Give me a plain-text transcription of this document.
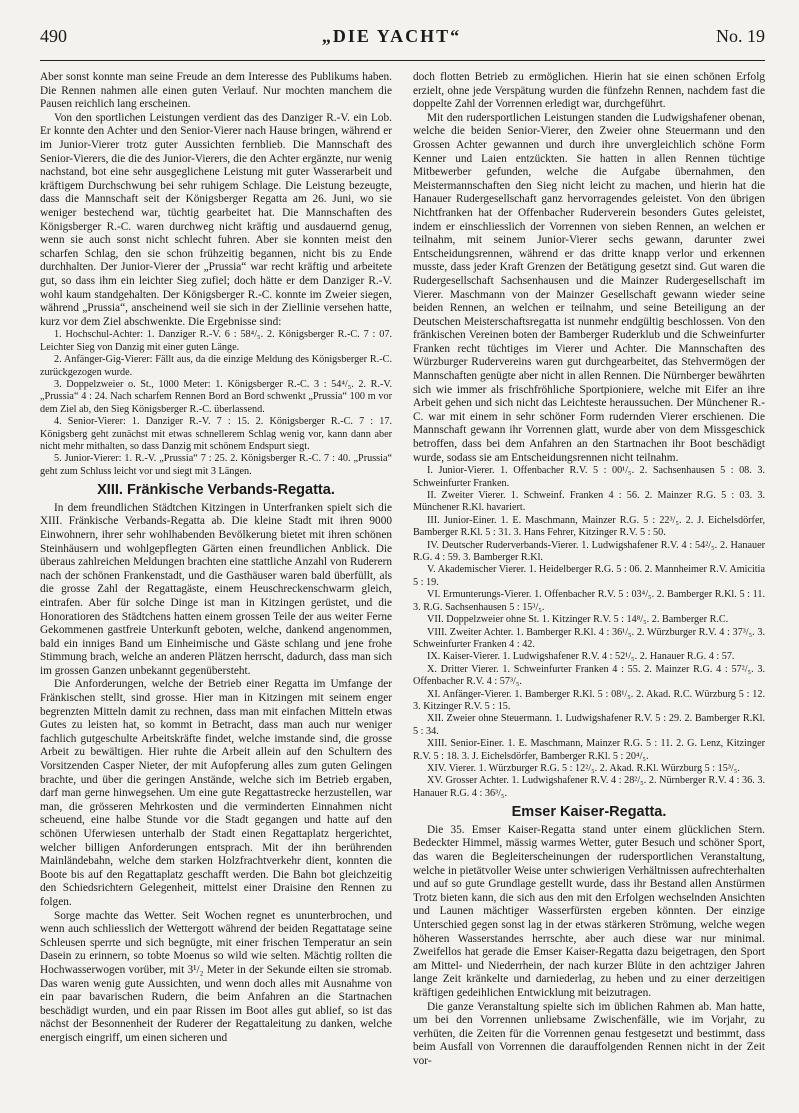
490	„DIE YACHT“	No. 19

Aber sonst konnte man seine Freude an dem Interesse des Publikums haben. Die Rennen nahmen alle einen guten Verlauf. Nur mochten manchem die Pausen reichlich lang erscheinen.

Von den sportlichen Leistungen verdient das des Danziger R.-V. ein Lob. Er konnte den Achter und den Senior-Vierer nach Hause bringen, während er im Junior-Vierer trotz guter Aussichten fernblieb. Die Mannschaft des Senior-Vierers, die die des Junior-Vierers, die den Achter ergänzte, nur wenig nachstand, bot eine sehr ausgeglichene Leistung mit guter Wasserarbeit und kräftigem Durchschwung bei sehr ruhigem Schlage. Die Leistung bezeugte, dass die Mannschaft seit der Königsberger Regatta am 26. Juni, wo sie weniger bestechend war, tüchtig gearbeitet hat. Die Mannschaften des Königsberger R.-C. waren durchweg nicht kräftig und ausdauernd genug, wenn sie auch sonst nicht schlecht fuhren. Aber sie konnten meist den scharfen Schlag, den sie schon frühzeitig begannen, nicht bis zu Ende durchhalten. Der Junior-Vierer der „Prussia“ war recht kräftig und arbeitete gut, so dass ihm ein leichter Sieg zufiel; doch hätte er dem Danziger R.-V. wohl kaum standgehalten. Der Königsberger R.-C. konnte im Zweier siegen, während „Prussia“, anscheinend weil sie sich in der Ziellinie versehen hatte, kurz vor dem Ziel abschwenkte. Die Ergebnisse sind:

1. Hochschul-Achter: 1. Danziger R.-V. 6 : 58⁴/₅. 2. Königsberger R.-C. 7 : 07. Leichter Sieg von Danzig mit einer guten Länge.

2. Anfänger-Gig-Vierer: Fällt aus, da die einzige Meldung des Königsberger R.-C. zurückgezogen wurde.

3. Doppelzweier o. St., 1000 Meter: 1. Königsberger R.-C. 3 : 54⁴/₅. 2. R.-V. „Prussia“ 4 : 24. Nach scharfem Rennen Bord an Bord schwenkt „Prussia“ 100 m vor dem Ziel ab, den Sieg Königsberger R.-C. überlassend.

4. Senior-Vierer: 1. Danziger R.-V. 7 : 15. 2. Königsberger R.-C. 7 : 17. Königsberg geht zunächst mit etwas schnellerem Schlag wenig vor, kann dann aber nicht mehr mithalten, so dass Danzig mit schönem Endspurt siegt.

5. Junior-Vierer: 1. R.-V. „Prussia“ 7 : 25. 2. Königsberger R.-C. 7 : 40. „Prussia“ geht zum Schluss leicht vor und siegt mit 3 Längen.

XIII. Fränkische Verbands-Regatta.

In dem freundlichen Städtchen Kitzingen in Unterfranken spielt sich die XIII. Fränkische Verbands-Regatta ab. Die kleine Stadt mit ihren 9000 Einwohnern, ihrer sehr wohlhabenden Bevölkerung bietet mit ihren schönen Steinhäusern und wohlgepflegten Gärten einen freundlichen Anblick. Die überaus zahlreichen Meldungen brachten eine stattliche Anzahl von Ruderern nach der schönen Frankenstadt, und die Gasthäuser waren bald überfüllt, als die grosse Zahl der Regattagäste, einem Heuschreckenschwarm gleich, eintrafen. Aber für solche Dinge ist man in Kitzingen gerüstet, und die Honoratioren des Städtchens hatten einem grossen Teile der aus weiter Ferne Gekommenen gastfreie Unterkunft geboten, welche, dankend angenommen, bald ein inniges Band um Einheimische und Gäste schlang und jene frohe Stimmung brach, welche an anderen Plätzen herrscht, dadurch, dass man sich im grossen Ganzen unbekannt gegenübersteht.

Die Anforderungen, welche der Betrieb einer Regatta im Umfange der Fränkischen stellt, sind grosse. Hier man in Kitzingen mit seinem enger begrenzten Mitteln damit zu rechnen, dass man mit einfachen Mitteln etwas Gutes zu leisten hat, so kommt in Betracht, dass man auch nur weniger fachlich gutgeschulte Arbeitskräfte findet, welche imstande sind, die grosse Arbeit zu bewältigen. Hier ruhte die Arbeit allein auf den Schultern des Vorsitzenden Casper Nieter, der mit Aufopferung alles zum guten Gelingen brachte, und über die geringen Anstände, welche sich im Betrieb ergaben, darf man gerne hinwegsehen. Um eine gute Regattastrecke herzustellen, war man, die grösseren Mehrkosten und die verminderten Einnahmen nicht scheuend, eine halbe Stunde vor die Stadt gegangen und hatte auf den schönen Uferwiesen unterhalb der Stadt einen Regattaplatz hergerichtet, welcher billigen Anforderungen entsprach. Mit der ihn berührenden Mainländebahn, welche dem starken Holzfrachtverkehr dient, konnten die Boote bis auf den Regattaplatz geschafft werden. Die Bahn bot gleichzeitig den Schiedsrichtern Gelegenheit, mittelst einer Draisine den Rennen zu folgen.

Sorge machte das Wetter. Seit Wochen regnet es ununterbrochen, und wenn auch schliesslich der Wettergott während der beiden Regattatage seine Schleusen sperrte und sich begnügte, mit einer frischen Temperatur an sein Dasein zu erinnern, so tobte Moenus so wild wie selten. Mächtig rollten die Hochwasserwogen vorüber, mit 3¹/₂ Meter in der Sekunde eilten sie stromab. Das waren wenig gute Aussichten, und wenn doch alles mit Ausnahme von ein paar bavarischen Rudern, die beim Anfahren an die Startnachen beschädigt wurden, und ein paar Rissen im Boot alles gut ablief, so ist das nächst der Besonnenheit der Ruderer der Regattaleitung zu danken, welche energisch eingriff, um einen sicheren und

doch flotten Betrieb zu ermöglichen. Hierin hat sie einen schönen Erfolg erzielt, ohne jede Verspätung wurden die fünfzehn Rennen, nachdem fast die doppelte Zahl der Vorrennen erledigt war, durchgeführt.

Mit den rudersportlichen Leistungen standen die Ludwigshafener obenan, welche die beiden Senior-Vierer, den Zweier ohne Steuermann und den Grossen Achter gewannen und durch ihre unvergleichlich schöne Form Kenner und Laien entzückten. Sie hatten in allen Rennen tüchtige Mitbewerber gefunden, welche die Aufgabe übernahmen, den Meistermannschaften den Sieg nicht leicht zu machen, und hierin hat die Hanauer Rudergesellschaft ganz hervorragendes geleistet. Von den übrigen Nichtfranken hat der Offenbacher Ruderverein besonders Gutes geleistet, indem er einschliesslich der Vorrennen von sieben Rennen, an welchen er teilnahm, mit seinem Junior-Vierer sechs gewann, darunter zwei Entscheidungsrennen, während er das dritte knapp verlor und erkennen musste, dass jeder Kraft Grenzen der Betätigung gesetzt sind. Gut waren die Rudergesellschaft Sachsenhausen und die Mainzer Rudergesellschaft im Vierer. Maschmann von der Mainzer Gesellschaft gewann wieder seine beiden Rennen, an welchen er teilnahm, und seine Beteiligung an der Deutschen Meisterschaftsregatta ist nunmehr endgültig beschlossen. Von den fränkischen Vereinen boten der Bamberger Ruderklub und die Schweinfurter Franken recht tüchtiges im Vierer und Achter. Die Mannschaften des Würzburger Rudervereins waren gut durchgearbeitet, das Stehvermögen der Mannschaften genügte aber nicht in allen Rennen. Die Nürnberger bewährten sich wie immer als frischfröhliche Sportpioniere, welche mit Eifer an ihre Arbeit gehen und sich nicht das Leichteste heraussuchen. Der Münchener R.-C. war mit einem in sehr schöner Form rudernden Vierer erschienen. Die Mannschaft gewann ihr Vorrennen glatt, wurde aber von dem Missgeschick betroffen, dass bei dem Anfahren an den Startnachen ihr Boot beschädigt wurde, sodass sie am Entscheidungsrennen nicht teilnahm.

I. Junior-Vierer. 1. Offenbacher R.V. 5 : 00¹/₅. 2. Sachsenhausen 5 : 08. 3. Schweinfurter Franken.

II. Zweiter Vierer. 1. Schweinf. Franken 4 : 56. 2. Mainzer R.G. 5 : 03. 3. Münchener R.Kl. havariert.

III. Junior-Einer. 1. E. Maschmann, Mainzer R.G. 5 : 22³/₅. 2. J. Eichelsdörfer, Bamberger R.Kl. 5 : 31. 3. Hans Fehrer, Kitzinger R.V. 5 : 50.

IV. Deutscher Ruderverbands-Vierer. 1. Ludwigshafener R.V. 4 : 54²/₅. 2. Hanauer R.G. 4 : 59. 3. Bamberger R.Kl.

V. Akademischer Vierer. 1. Heidelberger R.G. 5 : 06. 2. Mannheimer R.V. Amicitia 5 : 19.

VI. Ermunterungs-Vierer. 1. Offenbacher R.V. 5 : 03⁴/₅. 2. Bamberger R.Kl. 5 : 11. 3. R.G. Sachsenhausen 5 : 15³/₅.

VII. Doppelzweier ohne St. 1. Kitzinger R.V. 5 : 14⁸/₅. 2. Bamberger R.C.

VIII. Zweiter Achter. 1. Bamberger R.Kl. 4 : 36¹/₅. 2. Würzburger R.V. 4 : 37³/₅. 3. Schweinfurter Franken 4 : 42.

IX. Kaiser-Vierer. 1. Ludwigshafener R.V. 4 : 52¹/₅. 2. Hanauer R.G. 4 : 57.

X. Dritter Vierer. 1. Schweinfurter Franken 4 : 55. 2. Mainzer R.G. 4 : 57²/₅. 3. Offenbacher R.V. 4 : 57³/₅.

XI. Anfänger-Vierer. 1. Bamberger R.Kl. 5 : 08¹/₅. 2. Akad. R.C. Würzburg 5 : 12. 3. Kitzinger R.V. 5 : 15.

XII. Zweier ohne Steuermann. 1. Ludwigshafener R.V. 5 : 29. 2. Bamberger R.Kl. 5 : 34.

XIII. Senior-Einer. 1. E. Maschmann, Mainzer R.G. 5 : 11. 2. G. Lenz, Kitzinger R.V. 5 : 18. 3. J. Eichelsdörfer, Bamberger R.Kl. 5 : 20⁴/₅.

XIV. Vierer. 1. Würzburger R.G. 5 : 12²/₅. 2. Akad. R.Kl. Würzburg 5 : 15³/₅.

XV. Grosser Achter. 1. Ludwigshafener R.V. 4 : 28²/₅. 2. Nürnberger R.V. 4 : 36. 3. Hanauer R.G. 4 : 36³/₅.

Emser Kaiser-Regatta.

Die 35. Emser Kaiser-Regatta stand unter einem glücklichen Stern. Bedeckter Himmel, mässig warmes Wetter, guter Besuch und schöner Sport, das waren die Begleiterscheinungen der rudersportlichen Veranstaltung, welche in pietätvoller Weise unter schwierigen Verhältnissen aufrechterhalten und auf so gute Grundlage gestellt wurde, dass ihr Bestand allen Anstürmen Trotz bieten kann, die sich aus den mit den Erfolgen wechselnden Ansichten und Launen mächtiger Wasserfürsten ergeben könnten. Der einzige Unterschied gegen sonst lag in der etwas stärkeren Strömung, welche wegen höheren Wasserstandes herrschte, aber auch diese war nur minimal. Zweifellos hat gerade die Emser Kaiser-Regatta dazu beigetragen, den Sport am Mittel- und Niederrhein, der nach kurzer Blüte in den achtziger Jahren lange Zeit kränkelte und darniederlag, zu heben und zu einer derzeitigen kräftigen gedeihlichen Entwicklung mit beizutragen.

Die ganze Veranstaltung spielte sich im üblichen Rahmen ab. Man hatte, um bei den Vorrennen unliebsame Zwischenfälle, wie im Vorjahr, zu verhüten, die Zeiten für die Vorrennen genau festgesetzt und bestimmt, dass beim Ausfall von Vorrennen die darauffolgenden Rennen nicht in der Zeit vor-
